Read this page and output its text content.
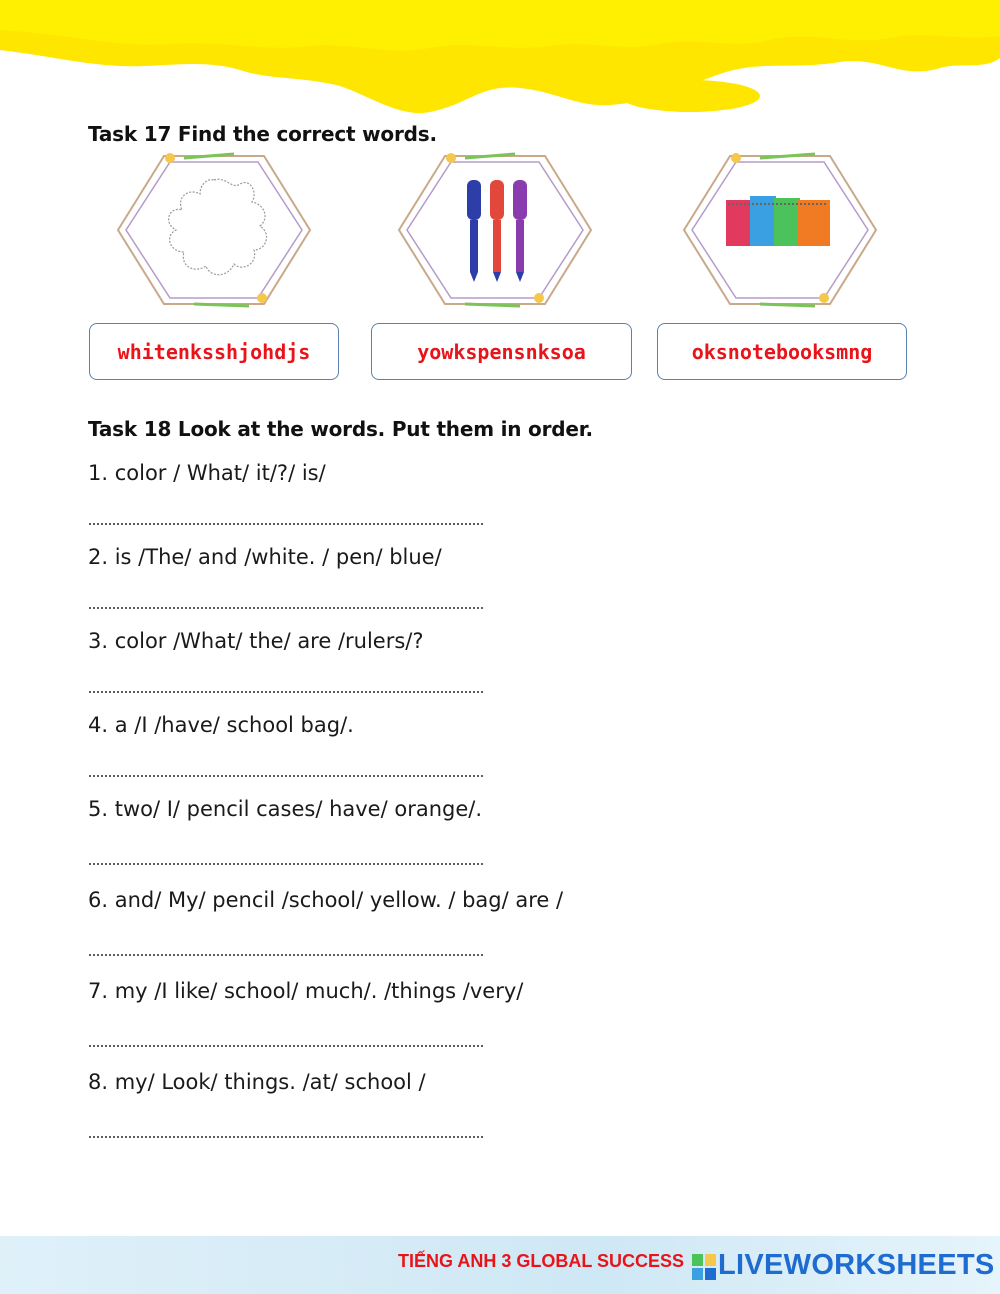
Task 17 Find the correct words.
whitenksshjohdjs	yowkspensnksoa	oksnotebooksmng
Task 18 Look at the words. Put them in order.
1. color / What/ it/?/ is/
2. is /The/ and /white. / pen/ blue/
3. color /What/ the/ are /rulers/?
4. a /I /have/ school bag/.
5. two/ I/ pencil cases/ have/ orange/.
6. and/ My/ pencil /school/ yellow. / bag/ are /
7. my /I like/ school/ much/. /things /very/
8. my/ Look/ things. /at/ school /
TIẾNG ANH 3 GLOBAL SUCCESS LIVEWORKSHEETS
